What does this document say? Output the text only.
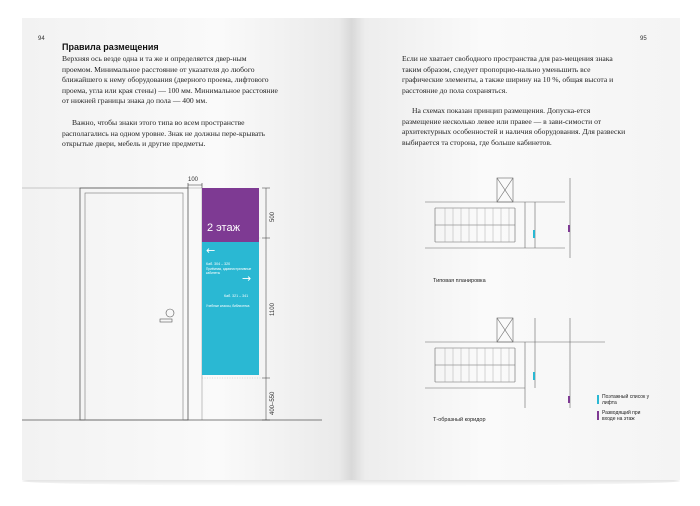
94
Правила размещения

Верхняя ось везде одна и та же и определяется двер-ным проемом. Минимальное расстояние от указателя до любого ближайшего к нему оборудования (дверного проема, лифтового проема, угла или края стены) — 100 мм. Минимальное расстояние от нижней границы знака до пола — 400 мм.

Важно, чтобы знаки этого типа во всем пространстве располагались на одном уровне. Знак не должны пере-крывать открытые двери, мебель и другие предметы.

2 этаж
←
Каб. 304 – 320
Приёмная, административные кабинеты	→
Каб. 321 – 341
Учебные классы, библиотека
100
500
1100
400–550
95

Если не хватает свободного пространства для раз-мещения знака таким образом, следует пропорцио-нально уменьшить все графические элементы, а также ширину на 10 %, общая высота и расстояние до пола сохраняться.

На схемах показан принцип размещения. Допуска-ется размещение несколько левее или правее — в зави-симости от архитектурных особенностей и наличия оборудования. Для развески выбирается та сторона, где больше кабинетов.

Типовая планировка
Т-образный коридор
Поэтажный список у лифта
Разводящий при входе на этаж
